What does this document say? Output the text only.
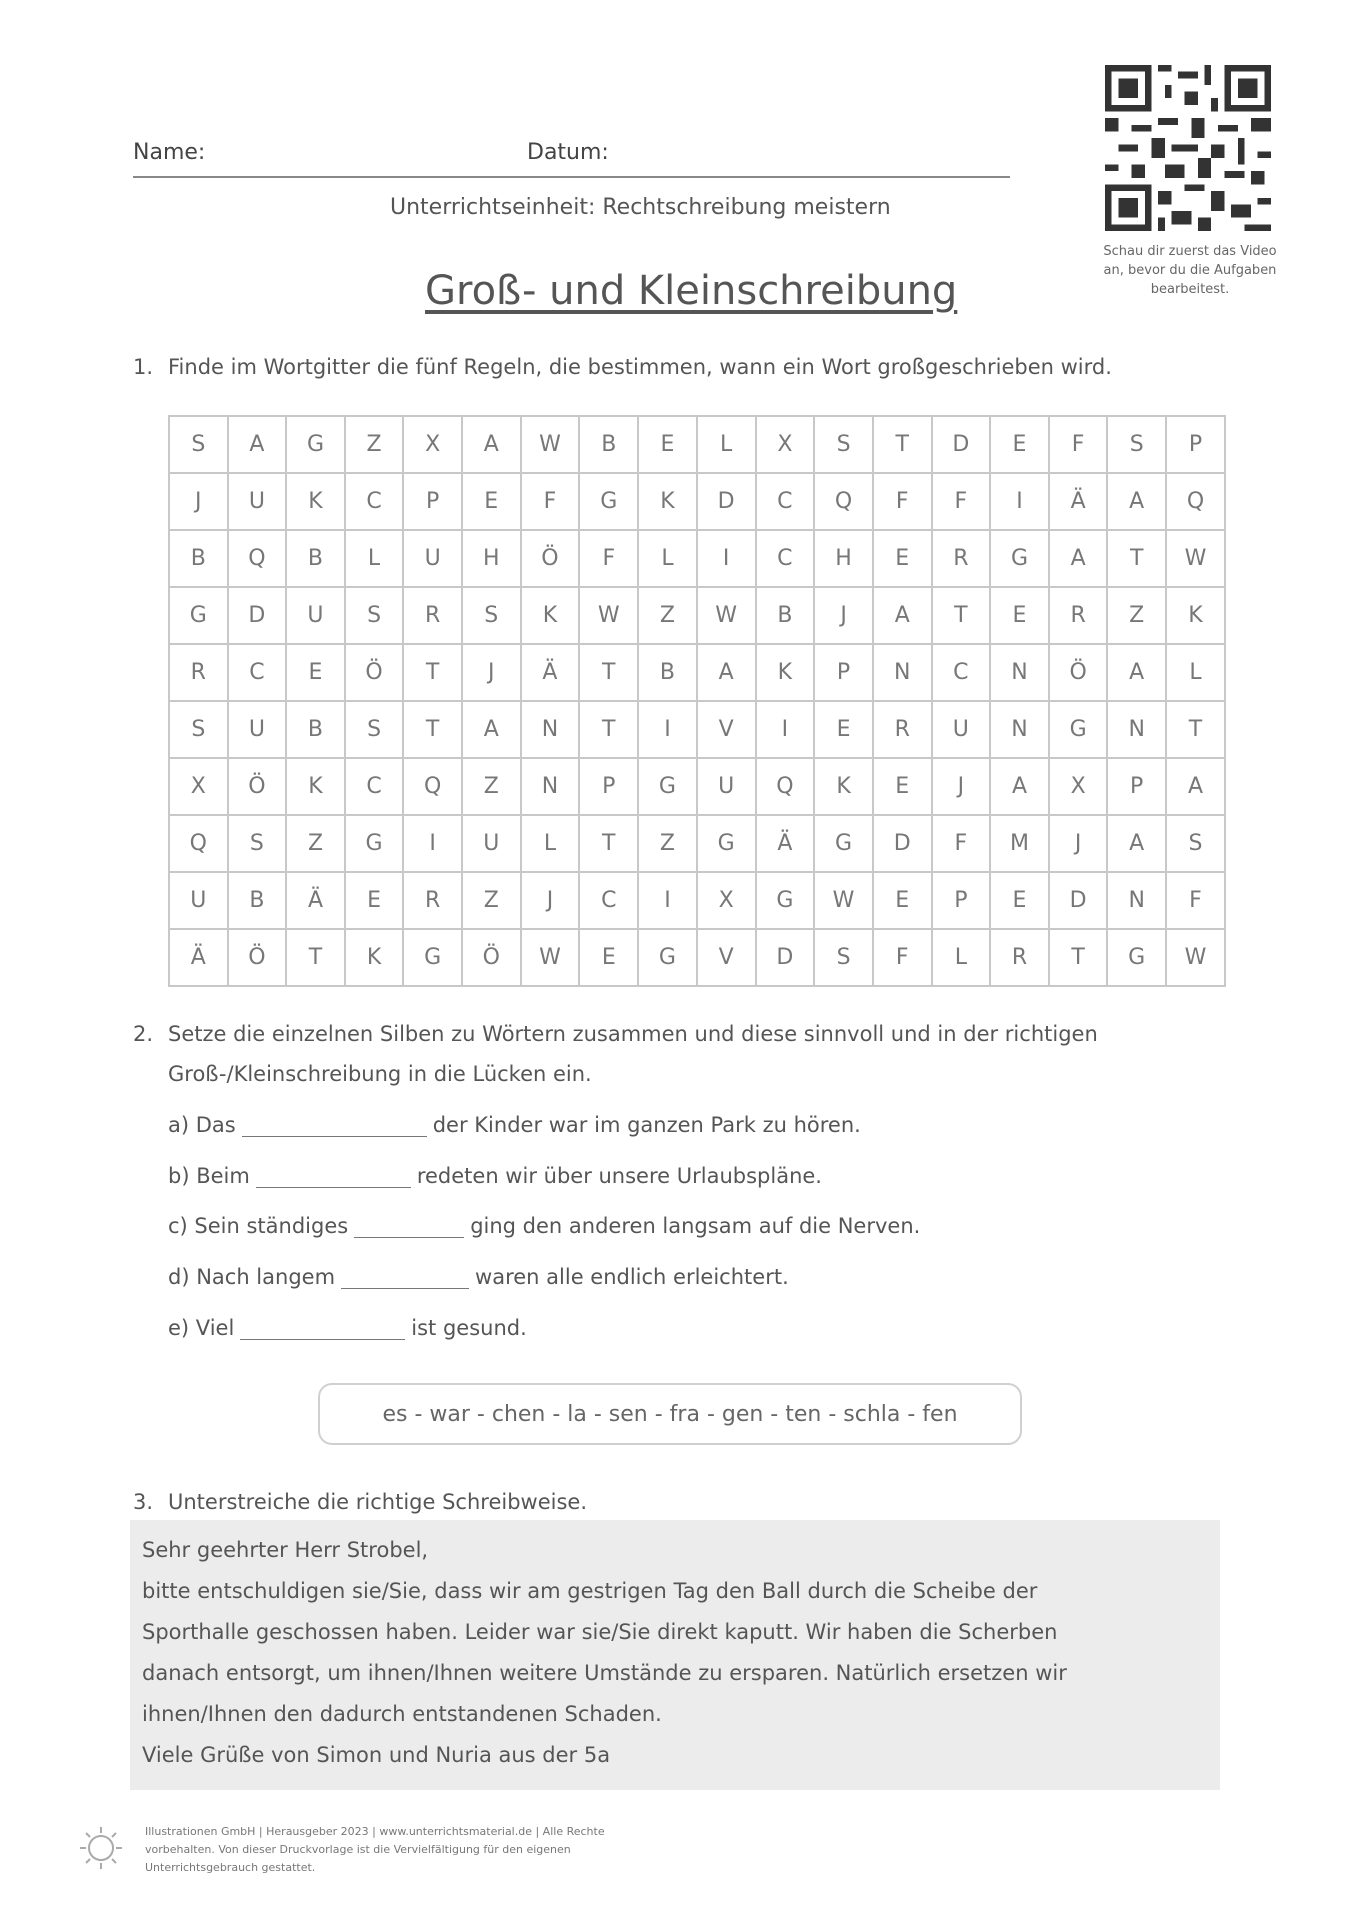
Name:	Datum:
Unterrichtseinheit: Rechtschreibung meistern
Groß- und Kleinschreibung
Schau dir zuerst das Video an, bevor du die Aufgaben bearbeitest.
1. Finde im Wortgitter die fünf Regeln, die bestimmen, wann ein Wort großgeschrieben wird.
S	A	G	Z	X	A	W	B	E	L	X	S	T	D	E	F	S	P
J	U	K	C	P	E	F	G	K	D	C	Q	F	F	I	Ä	A	Q
B	Q	B	L	U	H	Ö	F	L	I	C	H	E	R	G	A	T	W
G	D	U	S	R	S	K	W	Z	W	B	J	A	T	E	R	Z	K
R	C	E	Ö	T	J	Ä	T	B	A	K	P	N	C	N	Ö	A	L
S	U	B	S	T	A	N	T	I	V	I	E	R	U	N	G	N	T
X	Ö	K	C	Q	Z	N	P	G	U	Q	K	E	J	A	X	P	A
Q	S	Z	G	I	U	L	T	Z	G	Ä	G	D	F	M	J	A	S
U	B	Ä	E	R	Z	J	C	I	X	G	W	E	P	E	D	N	F
Ä	Ö	T	K	G	Ö	W	E	G	V	D	S	F	L	R	T	G	W
2. Setze die einzelnen Silben zu Wörtern zusammen und diese sinnvoll und in der richtigen
Groß-/Kleinschreibung in die Lücken ein.
a) Das	der Kinder war im ganzen Park zu hören.
b) Beim	redeten wir über unsere Urlaubspläne.
c) Sein ständiges	ging den anderen langsam auf die Nerven.
d) Nach langem	waren alle endlich erleichtert.
e) Viel	ist gesund.
es - war - chen - la - sen - fra - gen - ten - schla - fen
3. Unterstreiche die richtige Schreibweise.

Sehr geehrter Herr Strobel,

bitte entschuldigen sie/Sie, dass wir am gestrigen Tag den Ball durch die Scheibe der

Sporthalle geschossen haben. Leider war sie/Sie direkt kaputt. Wir haben die Scherben

danach entsorgt, um ihnen/Ihnen weitere Umstände zu ersparen. Natürlich ersetzen wir

ihnen/Ihnen den dadurch entstandenen Schaden.

Viele Grüße von Simon und Nuria aus der 5a

Illustrationen GmbH | Herausgeber 2023 | www.unterrichtsmaterial.de | Alle Rechte vorbehalten. Von dieser Druckvorlage ist die Vervielfältigung für den eigenen Unterrichtsgebrauch gestattet.
